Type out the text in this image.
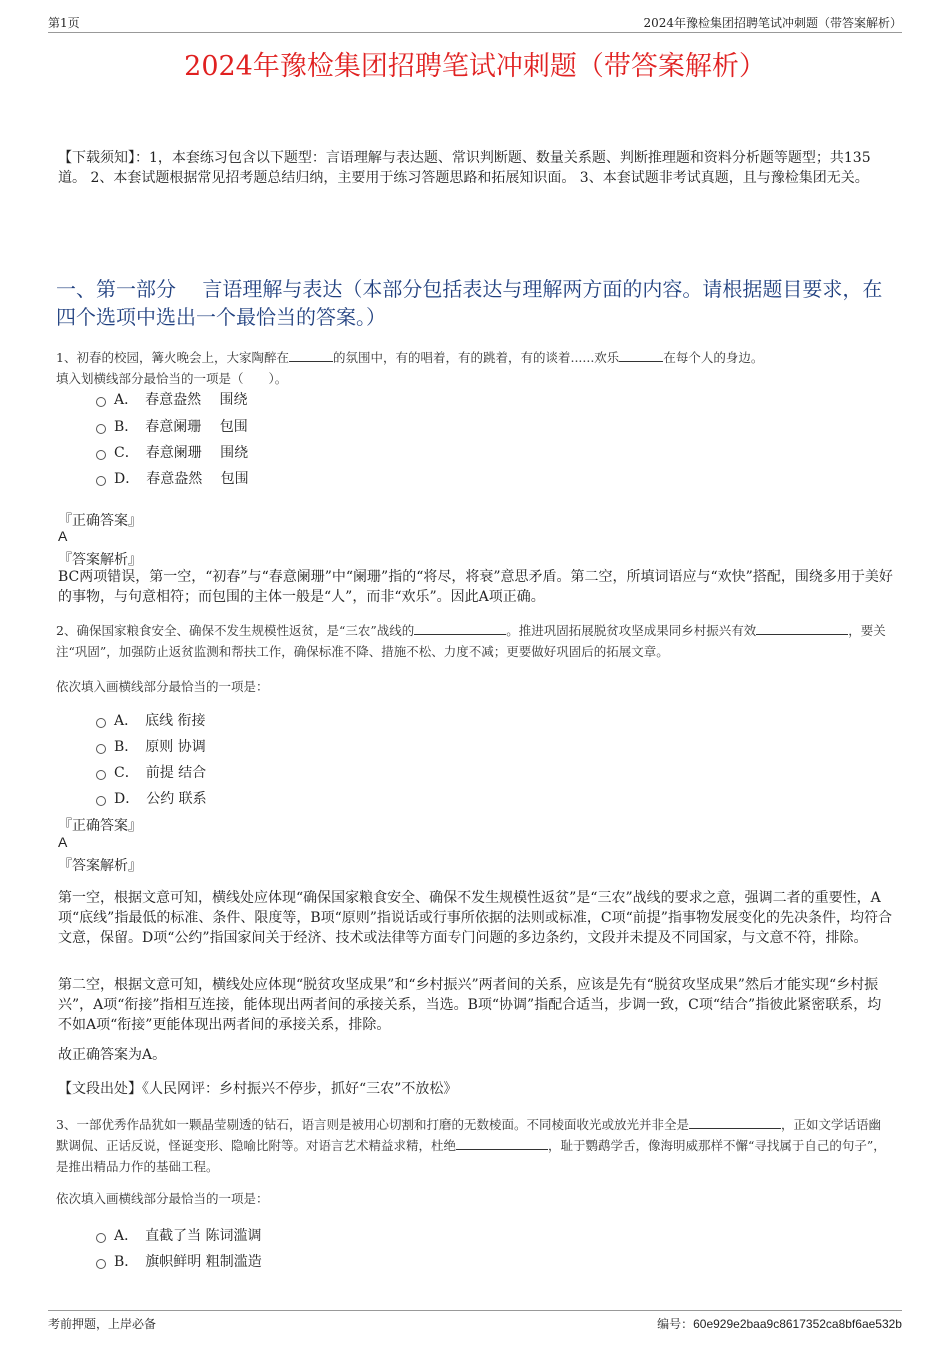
第1页	2024年豫检集团招聘笔试冲刺题（带答案解析）
2024年豫检集团招聘笔试冲刺题（带答案解析）
【下载须知】：1，本套练习包含以下题型：言语理解与表达题、常识判断题、数量关系题、判断推理题和资料分析题等题型；共135道。 2、本套试题根据常见招考题总结归纳，主要用于练习答题思路和拓展知识面。 3、本套试题非考试真题，且与豫检集团无关。
一、第一部分　 言语理解与表达（本部分包括表达与理解两方面的内容。请根据题目要求，在四个选项中选出一个最恰当的答案。）
1、初春的校园，篝火晚会上，大家陶醉在	的氛围中，有的唱着，有的跳着，有的谈着......欢乐	在每个人的身边。
填入划横线部分最恰当的一项是（　　）。
A．　春意盎然　 围绕
B．　春意阑珊　 包围
C．　春意阑珊　 围绕
D．　春意盎然　 包围
『正确答案』
A
『答案解析』
BC两项错误，第一空，“初春”与“春意阑珊”中“阑珊”指的“将尽，将衰”意思矛盾。第二空，所填词语应与“欢快”搭配，围绕多用于美好的事物，与句意相符；而包围的主体一般是“人”，而非“欢乐”。因此A项正确。
2、确保国家粮食安全、确保不发生规模性返贫，是“三农”战线的	。推进巩固拓展脱贫攻坚成果同乡村振兴有效	，要关注“巩固”，加强防止返贫监测和帮扶工作，确保标准不降、措施不松、力度不减；更要做好巩固后的拓展文章。
依次填入画横线部分最恰当的一项是：
A．　底线 衔接
B．　原则 协调
C．　前提 结合
D．　公约 联系
『正确答案』
A
『答案解析』
第一空，根据文意可知，横线处应体现“确保国家粮食安全、确保不发生规模性返贫”是“三农”战线的要求之意，强调二者的重要性，A项“底线”指最低的标准、条件、限度等，B项“原则”指说话或行事所依据的法则或标准，C项“前提”指事物发展变化的先决条件，均符合文意，保留。D项“公约”指国家间关于经济、技术或法律等方面专门问题的多边条约，文段并未提及不同国家，与文意不符，排除。
第二空，根据文意可知，横线处应体现“脱贫攻坚成果”和“乡村振兴”两者间的关系，应该是先有“脱贫攻坚成果”然后才能实现“乡村振兴”，A项“衔接”指相互连接，能体现出两者间的承接关系，当选。B项“协调”指配合适当，步调一致，C项“结合”指彼此紧密联系，均不如A项“衔接”更能体现出两者间的承接关系，排除。
故正确答案为A。
【文段出处】《人民网评：乡村振兴不停步，抓好“三农”不放松》
3、一部优秀作品犹如一颗晶莹剔透的钻石，语言则是被用心切割和打磨的无数棱面。不同棱面收光或放光并非全是	，正如文学话语幽默调侃、正话反说，怪诞变形、隐喻比附等。对语言艺术精益求精，杜绝	，耻于鹦鹉学舌，像海明威那样不懈“寻找属于自己的句子”，是推出精品力作的基础工程。
依次填入画横线部分最恰当的一项是：
A．　直截了当 陈词滥调
B．　旗帜鲜明 粗制滥造
考前押题，上岸必备	编号：60e929e2baa9c8617352ca8bf6ae532b
